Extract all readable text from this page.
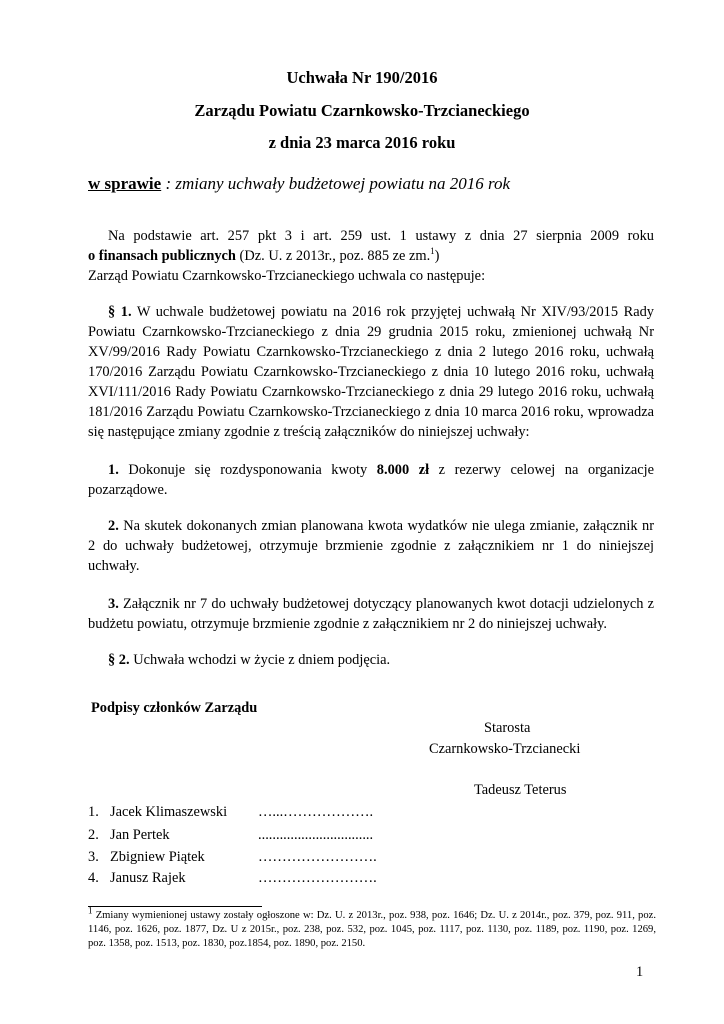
Uchwała Nr 190/2016
Zarządu Powiatu Czarnkowsko-Trzcianeckiego
z dnia 23 marca 2016 roku
w sprawie : zmiany uchwały budżetowej powiatu na 2016 rok
Na podstawie art. 257 pkt 3 i art. 259 ust. 1 ustawy z dnia 27 sierpnia 2009 roku
o finansach publicznych (Dz. U. z 2013r., poz. 885 ze zm.$^1$)
Zarząd Powiatu Czarnkowsko-Trzcianeckiego uchwala co następuje:
§ 1. W uchwale budżetowej powiatu na 2016 rok przyjętej uchwałą Nr XIV/93/2015 Rady Powiatu Czarnkowsko-Trzcianeckiego z dnia 29 grudnia 2015 roku, zmienionej uchwałą Nr XV/99/2016 Rady Powiatu Czarnkowsko-Trzcianeckiego z dnia 2 lutego 2016 roku, uchwałą 170/2016 Zarządu Powiatu Czarnkowsko-Trzcianeckiego z dnia 10 lutego 2016 roku, uchwałą XVI/111/2016 Rady Powiatu Czarnkowsko-Trzcianeckiego z dnia 29 lutego 2016 roku, uchwałą 181/2016 Zarządu Powiatu Czarnkowsko-Trzcianeckiego z dnia 10 marca 2016 roku, wprowadza się następujące zmiany zgodnie z treścią załączników do niniejszej uchwały:
1. Dokonuje się rozdysponowania kwoty 8.000 zł z rezerwy celowej na organizacje pozarządowe.
2. Na skutek dokonanych zmian planowana kwota wydatków nie ulega zmianie, załącznik nr 2 do uchwały budżetowej, otrzymuje brzmienie zgodnie z załącznikiem nr 1 do niniejszej uchwały.
3. Załącznik nr 7 do uchwały budżetowej dotyczący planowanych kwot dotacji udzielonych z budżetu powiatu, otrzymuje brzmienie zgodnie z załącznikiem nr 2 do niniejszej uchwały.
§ 2. Uchwała wchodzi w życie z dniem podjęcia.
Podpisy członków Zarządu
Starosta
Czarnkowsko-Trzcianecki
Tadeusz Teterus
1. Jacek Klimaszewski …...……………….
2. Jan Pertek	................................
3. Zbigniew Piątek	…………………….
4. Janusz Rajek	…………………….
$^1$ Zmiany wymienionej ustawy zostały ogłoszone w: Dz. U. z 2013r., poz. 938, poz. 1646; Dz. U. z 2014r., poz. 379, poz. 911, poz. 1146, poz. 1626, poz. 1877, Dz. U z 2015r., poz. 238, poz. 532, poz. 1045, poz. 1117, poz. 1130, poz. 1189, poz. 1190, poz. 1269, poz. 1358, poz. 1513, poz. 1830, poz.1854, poz. 1890, poz. 2150.
1
